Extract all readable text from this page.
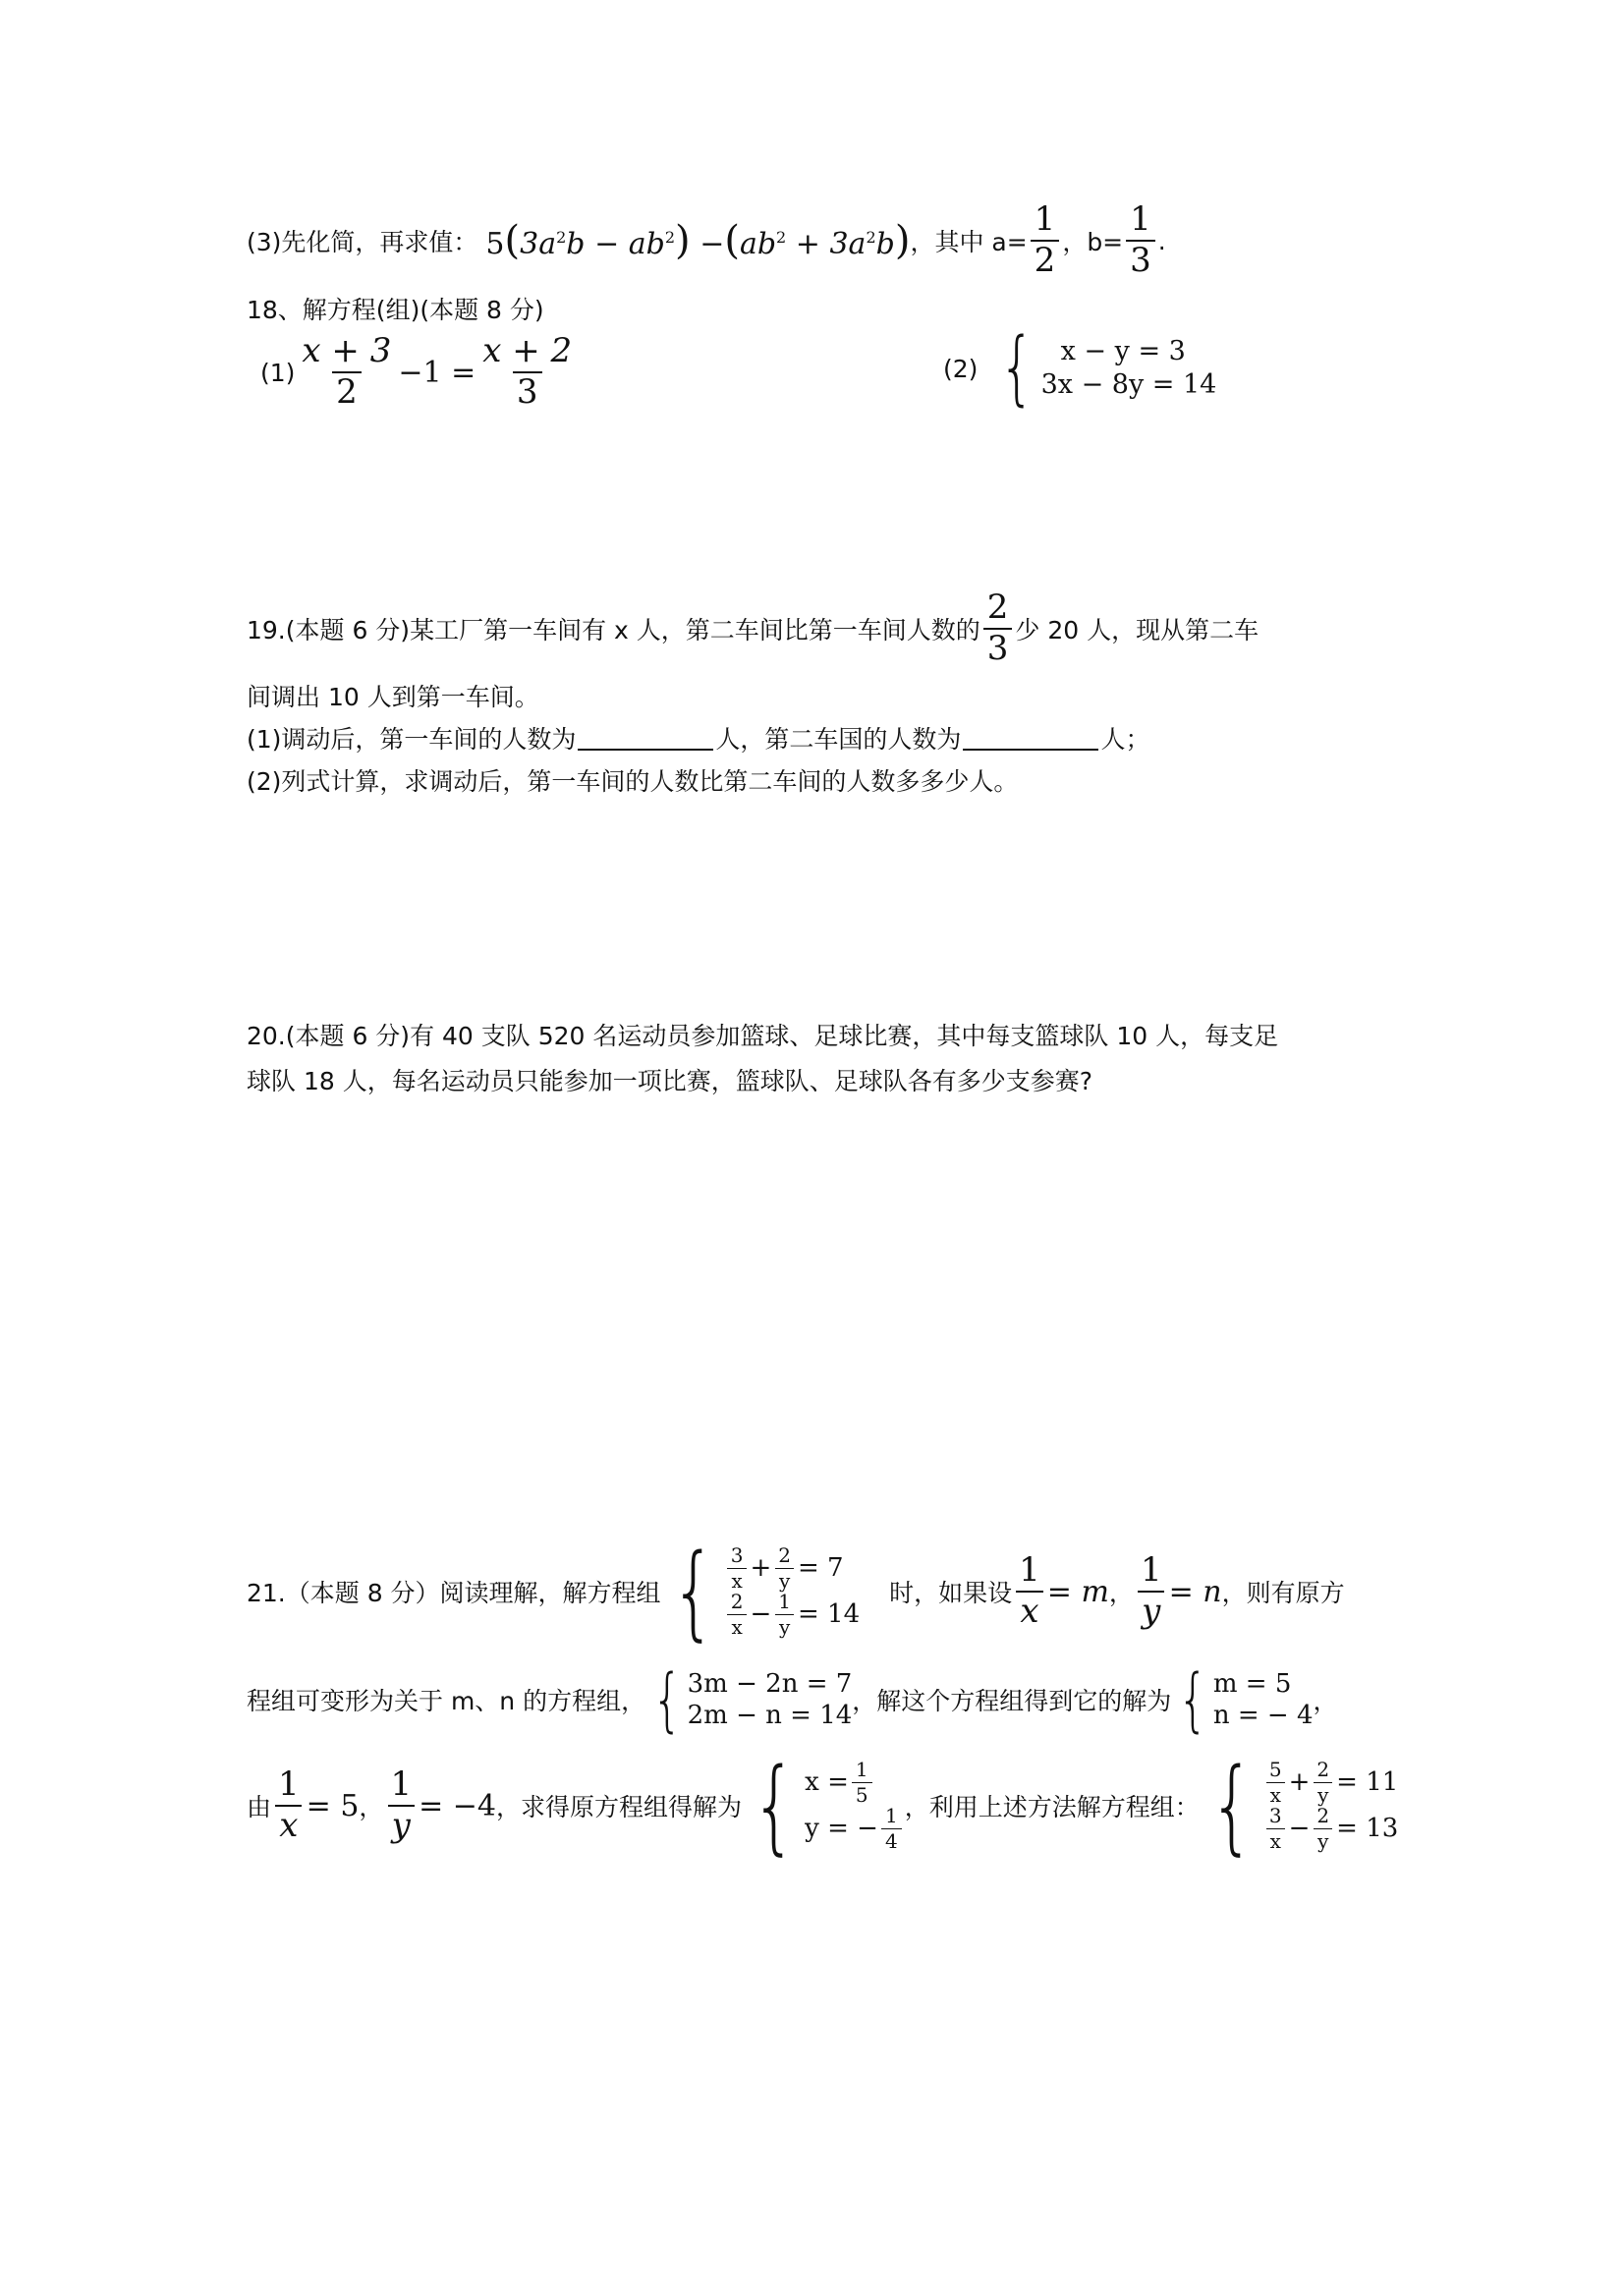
(3)先化简，再求值： $5(3a^2b - ab^2) -(ab^2 + 3a^2b)$ ，其中 $a= \frac{1}{2}$ ，$b= \frac{1}{3}$ .
18、解方程(组)(本题 8 分)
$(1) \frac{x + 3}{2} -1 = \frac{x + 2}{3}$	(2) { x − y = 3
3x − 8y = 14
19.(本题 6 分)某工厂第一车间有 x 人，第二车间比第一车间人数的 $\frac{2}{3}$ 少 20 人，现从第二车
间调出 10 人到第一车间。
(1)调动后，第一车间的人数为	人，第二车国的人数为	人；
(2)列式计算，求调动后，第一车间的人数比第二车间的人数多多少人。
20.(本题 6 分)有 40 支队 520 名运动员参加篮球、足球比赛，其中每支篮球队 10 人，每支足
球队 18 人，每名运动员只能参加一项比赛，篮球队、足球队各有多少支参赛?
21.（本题 8 分）阅读理解，解方程组 { $\frac{3}{x} + \frac{2}{y} = 7$
$\frac{2}{x} - \frac{1}{y} = 14$
时，如果设 $\frac{1}{x} = m$ ， $\frac{1}{y} = n$ ，则有原方
程组可变形为关于 m、n 的方程组， { 3m − 2n = 7
2m − n = 14 ，解这个方程组得到它的解为 { m = 5
n = − 4 ，
由 $\frac{1}{x} = 5$ ， $\frac{1}{y} = -4$ ，求得原方程组得解为 { $x = \frac{1}{5}$
y = − $\frac{1}{4}$ ，利用上述方法解方程组： { $\frac{5}{x} + \frac{2}{y} = 11$
$\frac{3}{x} - \frac{2}{y} = 13$
